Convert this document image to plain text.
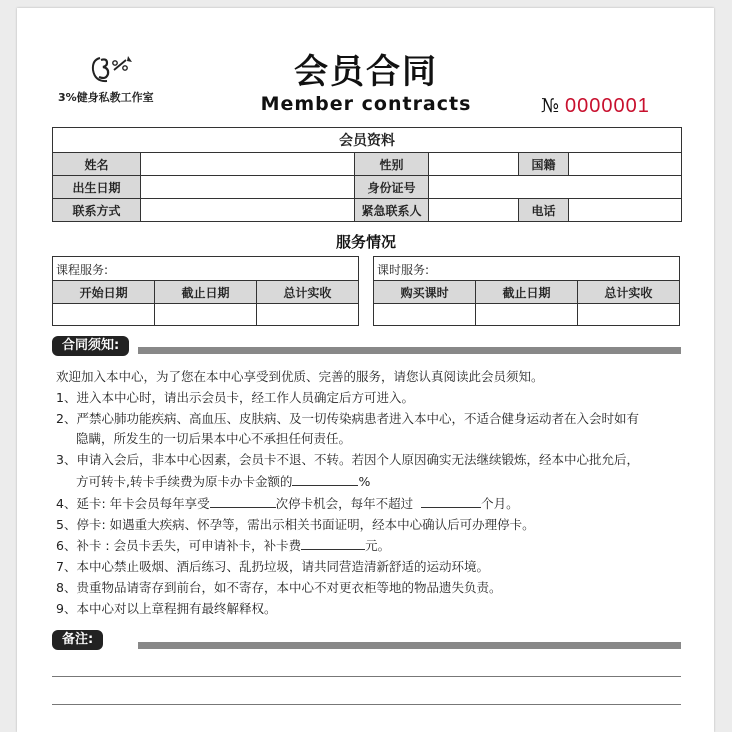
3%健身私教工作室
会员合同
Member contracts	№ 0000001
会员资料					
姓名		性别		国籍	
出生日期		身份证号			
联系方式		紧急联系人		电话	
服务情况
课程服务:
开始日期	截止日期	总计实收

课时服务:
购买课时	截止日期	总计实收

合同须知:

欢迎加入本中心，为了您在本中心享受到优质、完善的服务，请您认真阅读此会员须知。

1、进入本中心时，请出示会员卡，经工作人员确定后方可进入。

2、严禁心肺功能疾病、高血压、皮肤病、及一切传染病患者进入本中心，不适合健身运动者在入会时如有

隐瞒，所发生的一切后果本中心不承担任何责任。

3、申请入会后，非本中心因素，会员卡不退、不转。若因个人原因确实无法继续锻炼，经本中心批允后，

方可转卡,转卡手续费为原卡办卡金额的	%

4、延卡: 年卡会员每年享受	次停卡机会，每年不超过	个月。

5、停卡: 如遇重大疾病、怀孕等，需出示相关书面证明，经本中心确认后可办理停卡。

6、补卡 : 会员卡丢失，可申请补卡，补卡费	元。

7、本中心禁止吸烟、酒后练习、乱扔垃圾，请共同营造清新舒适的运动环境。

8、贵重物品请寄存到前台，如不寄存，本中心不对更衣柜等地的物品遗失负责。

9、本中心对以上章程拥有最终解释权。

备注:
